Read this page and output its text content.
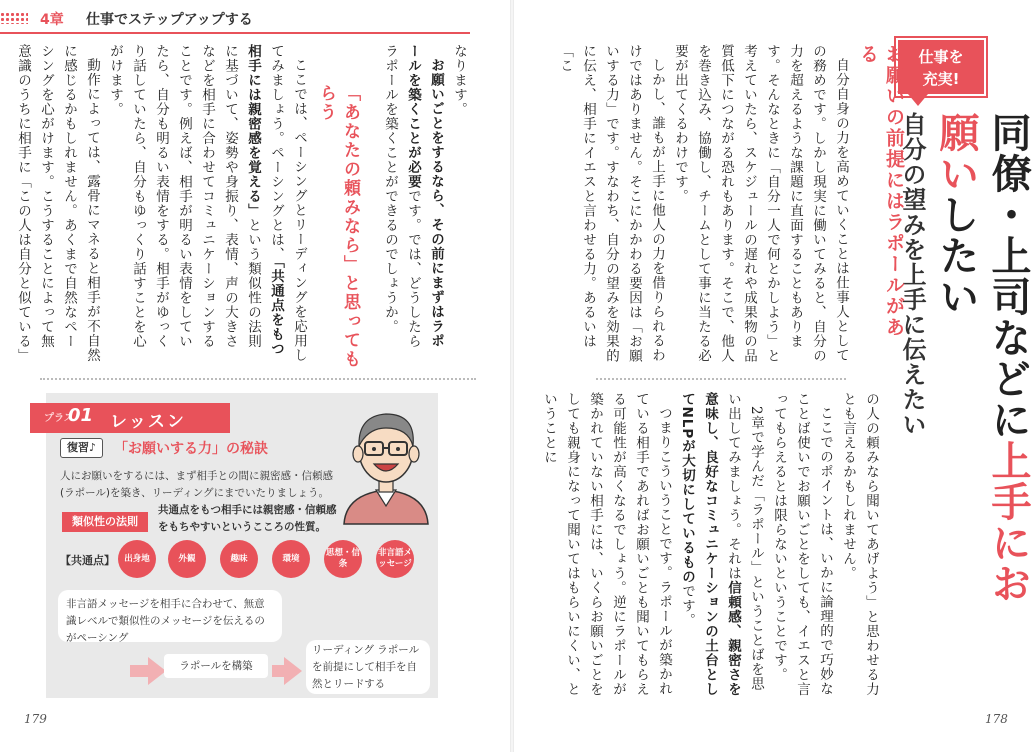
4章 仕事でステップアップする
仕事を
充実!
同僚・上司などに上手にお願いしたい
自分の望みを上手に伝えたい
お願いの前提にはラポールがある

自分自身の力を高めていくことは仕事人としての務めです。しかし現実に働いてみると、自分の力を超えるような課題に直面することもあります。そんなときに「自分一人で何とかしよう」と考えていたら、スケジュールの遅れや成果物の品質低下につながる恐れもあります。そこで、他人を巻き込み、協働し、チームとして事に当たる必要が出てくるわけです。

しかし、誰もが上手に他人の力を借りられるわけではありません。そこにかかわる要因は「お願いする力」です。すなわち、自分の望みを効果的に伝え、相手にイエスと言わせる力。あるいは「こ

の人の頼みなら聞いてあげよう」と思わせる力とも言えるかもしれません。

ここでのポイントは、いかに論理的で巧妙なことば使いでお願いごとをしても、イエスと言ってもらえるとは限らないということです。

2章で学んだ「ラポール」ということばを思い出してみましょう。それは信頼感、親密さを意味し、良好なコミュニケーションの土台としてNLPが大切にしているものです。

つまりこういうことです。ラポールが築かれている相手であればお願いごとも聞いてもらえる可能性が高くなるでしょう。逆にラポールが築かれていない相手には、いくらお願いごとをしても親身になって聞いてはもらいにくい、ということに

178

なります。

お願いごとをするなら、その前にまずはラポールを築くことが必要です。では、どうしたらラポールを築くことができるのでしょうか。

「あなたの頼みなら」と思ってもらう

ここでは、ペーシングとリーディングを応用してみましょう。ペーシングとは、「共通点をもつ相手には親密感を覚える」という類似性の法則に基づいて、姿勢や身振り、表情、声の大きさなどを相手に合わせてコミュニケーションすることです。例えば、相手が明るい表情をしていたら、自分も明るい表情をする。相手がゆっくり話していたら、自分もゆっくり話すことを心がけます。

動作によっては、露骨にマネると相手が不自然に感じるかもしれません。あくまで自然なペーシングを心がけます。こうすることによって無意識のうちに相手に「この人は自分と似ている」

プラス
01 レッスン
復習♪	「お願いする力」の秘訣
人にお願いをするには、まず相手との間に親密感・信頼感(ラポール)を築き、リーディングにまでいたりましょう。
類似性の法則
共通点をもつ相手には親密感・信頼感をもちやすいというこころの性質。
【共通点】	出身地	外観	趣味	環境
思想・信条
非言語メッセージ
非言語メッセージを相手に合わせて、無意識レベルで類似性のメッセージを伝えるのがペーシング
ラポールを構築
リーディング ラポールを前提にして相手を自然とリードする
179
